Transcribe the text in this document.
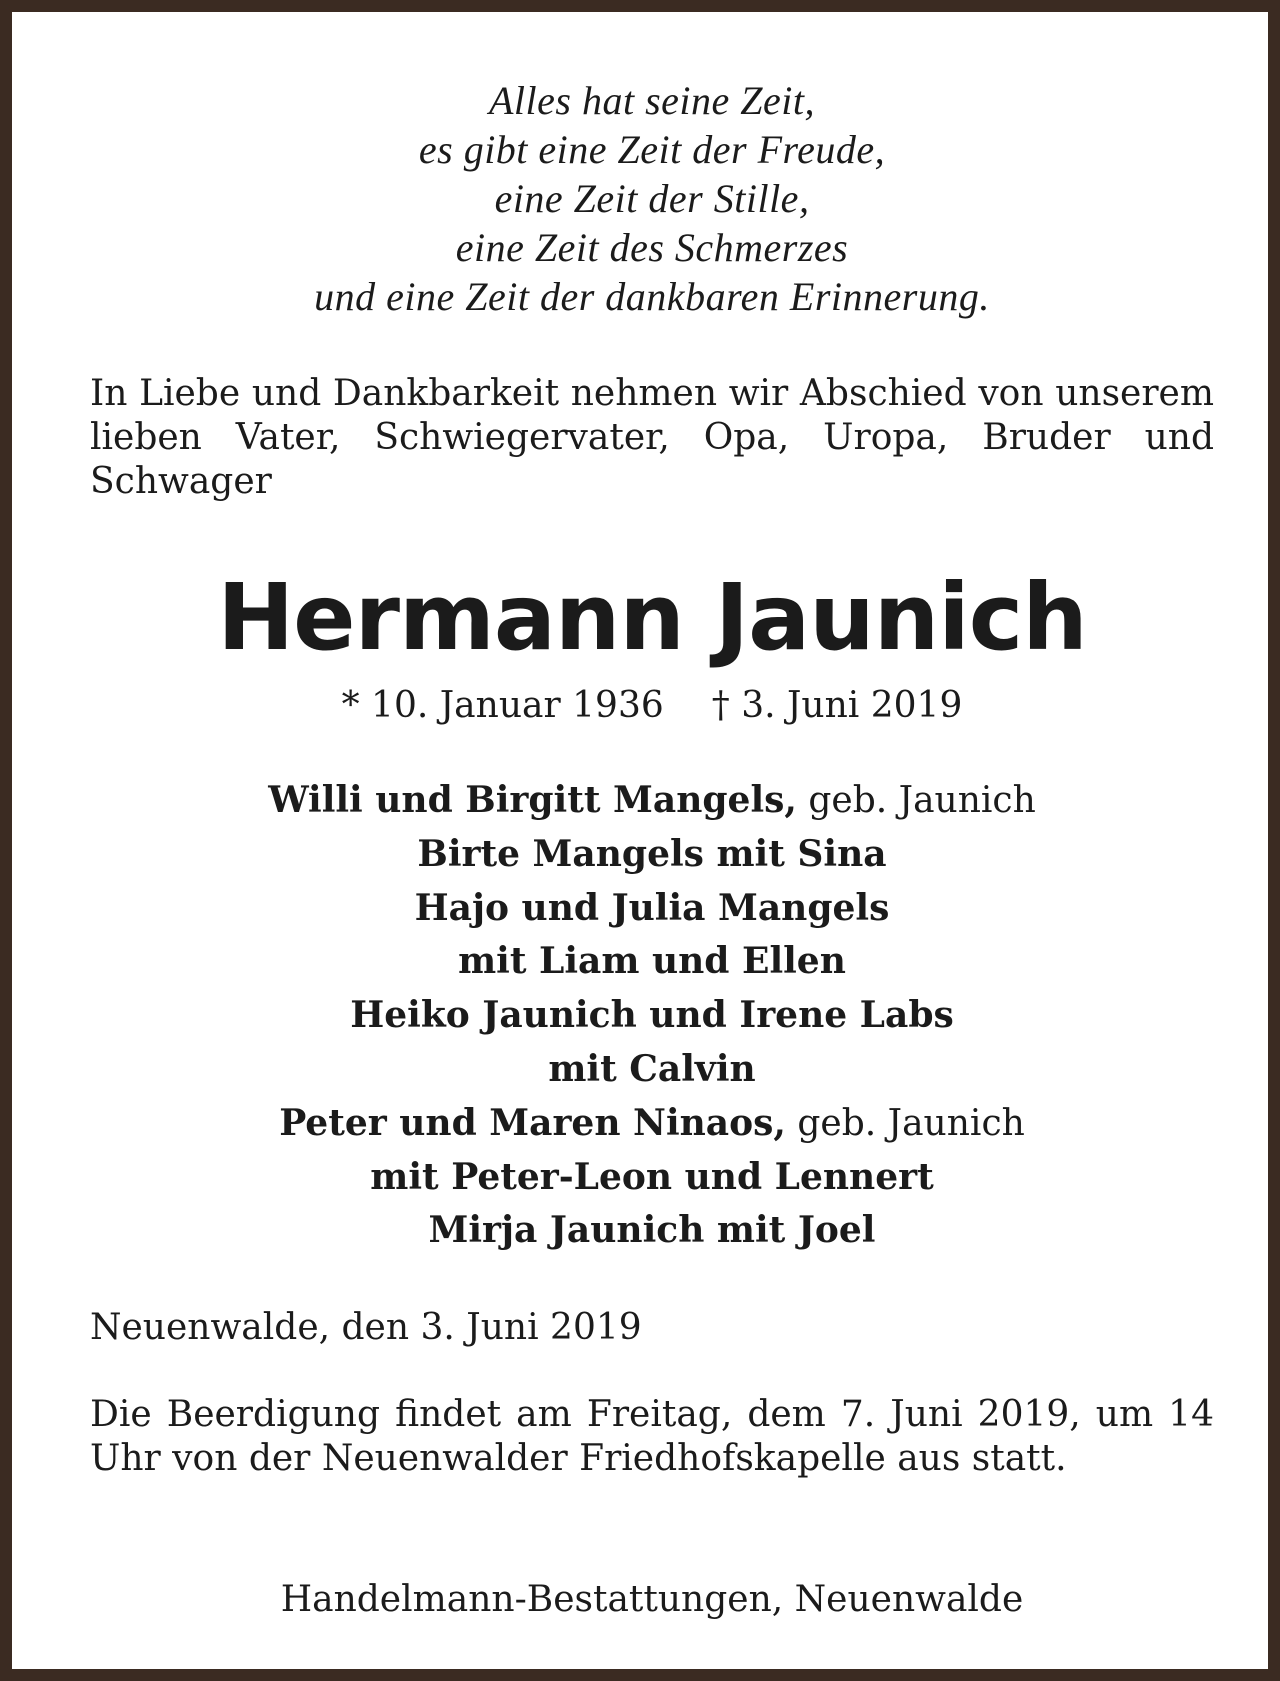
Alles hat seine Zeit,
es gibt eine Zeit der Freude,
eine Zeit der Stille,
eine Zeit des Schmerzes
und eine Zeit der dankbaren Erinnerung.
In Liebe und Dankbarkeit nehmen wir Abschied von unserem lieben Vater, Schwiegervater, Opa, Uropa, Bruder und Schwager
Hermann Jaunich
* 10. Januar 1936 † 3. Juni 2019
Willi und Birgitt Mangels, geb. Jaunich
Birte Mangels mit Sina
Hajo und Julia Mangels
mit Liam und Ellen
Heiko Jaunich und Irene Labs
mit Calvin
Peter und Maren Ninaos, geb. Jaunich
mit Peter-Leon und Lennert
Mirja Jaunich mit Joel
Neuenwalde, den 3. Juni 2019
Die Beerdigung findet am Freitag, dem 7. Juni 2019, um 14 Uhr von der Neuenwalder Friedhofskapelle aus statt.
Handelmann-Bestattungen, Neuenwalde
